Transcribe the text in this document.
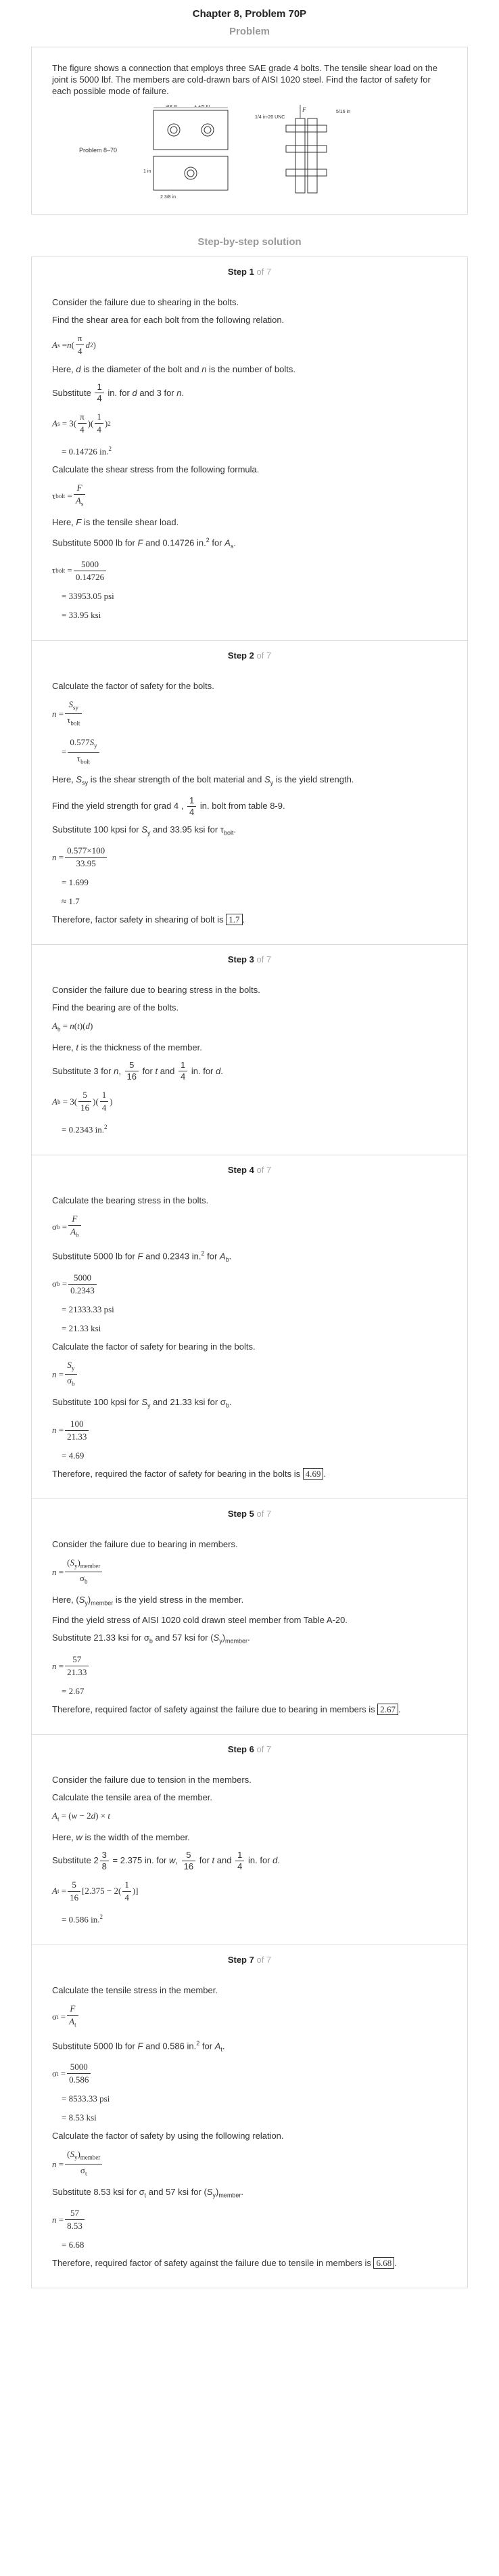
Chapter 8, Problem 70P
Problem
The figure shows a connection that employs three SAE grade 4 bolts. The tensile shear load on the joint is 5000 lbf. The members are cold-drawn bars of AISI 1020 steel. Find the factor of safety for each possible mode of failure.
Problem 8–70
5/8 in	1 1/4 in
2 3/8 in
1 in
1/4 in-20 UNC
5/16 in
F
Step-by-step solution
Step 1 of 7
Consider the failure due to shearing in the bolts.
Find the shear area for each bolt from the following relation.
A s = n ( $\frac{\pi}{4}$ d 2 )
Here, d is the diameter of the bolt and n is the number of bolts.
Substitute
$\frac{1}{4}$
in. for
d
and 3 for
n .
A $s = 3( \frac{\pi}{4}$ )( $\frac{1}{4}$ ) 2
= 0.14726 in.$^2$
Calculate the shear stress from the following formula.
τ bolt = $\frac{F}{A_s}$
Here, F is the tensile shear load.
Substitute 5000 lb for F and 0.14726 in.$^2$ for $A_s$.
τ bolt = $\frac{5000}{0.14726}$
= 33953.05 psi
= 33.95 ksi
Step 2 of 7
Calculate the factor of safety for the bolts.
$n = \frac{S_{sy}}{\tau_{bolt}}$
= $\frac{0.577S_y}{\tau_{bolt}}$
Here, $S_{sy}$ is the shear strength of the bolt material and $S_y$ is the yield strength.
Find the yield strength for grad 4 ,
$\frac{1}{4}$
in. bolt from table 8-9.
Substitute 100 kpsi for $S_y$ and 33.95 ksi for $\tau_{bolt}$.
$n = \frac{0.577\times 100}{33.95}$
= 1.699
≈ 1.7
Therefore, factor safety in shearing of bolt is 1.7 .
Step 3 of 7
Consider the failure due to bearing stress in the bolts.
Find the bearing are of the bolts.
$A_b = n(t)(d)$
Here, t is the thickness of the member.
Substitute 3 for
n , $\frac{5}{16}$
for
t
and
$\frac{1}{4}$
in. for
d .
A $b = 3( \frac{5}{16}$ )( $\frac{1}{4}$ )
= 0.2343 in.$^2$
Step 4 of 7
Calculate the bearing stress in the bolts.
σ $b = \frac{F}{A_b}$
Substitute 5000 lb for F and 0.2343 in.$^2$ for $A_b$.
σ $b = \frac{5000}{0.2343}$
= 21333.33 psi
= 21.33 ksi
Calculate the factor of safety for bearing in the bolts.
$n = \frac{S_y}{\sigma_b}$
Substitute 100 kpsi for $S_y$ and 21.33 ksi for $\sigma_b$.
$n = \frac{100}{21.33}$
= 4.69
Therefore, required the factor of safety for bearing in the bolts is 4.69 .
Step 5 of 7
Consider the failure due to bearing in members.
$n = \frac{(S_y)_{member}}{\sigma_b}$
Here, $(S_y)_{member}$ is the yield stress in the member.
Find the yield stress of AISI 1020 cold drawn steel member from Table A-20.
Substitute 21.33 ksi for $\sigma_b$ and 57 ksi for $(S_y)_{member}$.
$n = \frac{57}{21.33}$
= 2.67
Therefore, required factor of safety against the failure due to bearing in members is 2.67 .
Step 6 of 7
Consider the failure due to tension in the members.
Calculate the tensile area of the member.
$A_t = (w - 2d) \times t$
Here, w is the width of the member.
Substitute $2 \frac{3}{8}$
= 2.375 in. for
w , $\frac{5}{16}$
for
t
and
$\frac{1}{4}$
in. for
d .
A $t = \frac{5}{16} [2.375 - 2( \frac{1}{4}$ )]
= 0.586 in.$^2$
Step 7 of 7
Calculate the tensile stress in the member.
σ $t = \frac{F}{A_t}$
Substitute 5000 lb for F and 0.586 in.$^2$ for $A_t$.
σ $t = \frac{5000}{0.586}$
= 8533.33 psi
= 8.53 ksi
Calculate the factor of safety by using the following relation.
$n = \frac{(S_y)_{member}}{\sigma_t}$
Substitute 8.53 ksi for $\sigma_t$ and 57 ksi for $(S_y)_{member}$.
$n = \frac{57}{8.53}$
= 6.68
Therefore, required factor of safety against the failure due to tensile in members is 6.68 .
